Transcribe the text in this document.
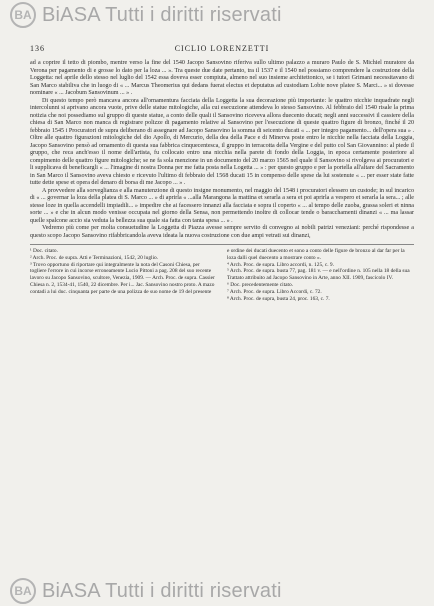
BA BiASA Tutti i diritti riservati
136	CICLIO LORENZETTI

ad a coprire il tetto di piombo, mentre verso la fine del 1540 Jacopo Sansovino riferiva sullo ultimo palazzo a muraro Paulo de S. Michiel muratore da Verona per pagamento di e grosse lo dato per la loza ... ». Tra queste due date pertanto, tra il 1537 e il 1540 nel possiamo comprendere la costruzione della Loggetta: nel aprile dello stesso nel luglio del 1542 essa doveva esser compiuta, almeno nel suo insieme architettonico, se i tutori Grimani necessitavano di San Marco stabiliva che in luogo di « ... Marcus Theomerius qui dedans fuerat electus et deputatus ad custodiam Lobie nove platee S. Marci... » si dovesse nominare « ... Jacobum Sansovinum ... » .

Di questo tempo però mancava ancora all'ornamentura facciata della Loggetta la sua decorazione più importante: le quattro nicchie inquadrate negli intercolunni si aprivano ancora vuote, prive delle statue mitologiche, alla cui esecuzione attendeva lo stesso Sansovino. Al febbraio del 1540 risale la prima notizia che noi possediamo sul gruppo di queste statue, a conto delle quali il Sansovino riceveva allora duecento ducati; negli anni successivi il cassiere della chiesa di San Marco non manca di registrare polizze di pagamento relative al Sansovino per l'esecuzione di queste quattro figure di bronzo, finché il 20 febbraio 1545 i Procuratori de supra deliberano di assegnare ad Jacopo Sansovino la somma di seicento ducati « ... per integro pagamento... dell'opera sua » . Oltre alle quattro figurazioni mitologiche del dio Apollo, di Mercurio, della dea della Pace e di Minerva poste entro le nicchie nella facciata della Loggia, Jacopo Sansovino pensò ad ornamento di questa sua fabbrica cinquecentesca, il gruppo in terracotta della Vergine e del putto col San Giovannino: al piede il gruppo, che reca anch'esso il nome dell'artista, fu collocato entro una nicchia nella parete di fondo della Loggia, in epoca certamente posteriore al compimento delle quattro figure mitologiche; se ne fa sola menzione in un documento del 20 marzo 1565 nel quale il Sansovino si rivolgeva ai procuratori e li supplicava di beneficargli « ... l'imagine di nostra Donna per me fatta posta nella Logetta ... » : per questo gruppo e per la portella all'altare del Sacramento in San Marco il Sansovino aveva chiesto e ricevuto l'ultimo di febbraio del 1568 ducati 15 in compenso delle spese da lui sostenute « ... per esser state fatte tutte dette spese et opera del denaro di borsa di me Jacopo ... » .

A provvedere alla sorveglianza e alla manutenzione di questo insigne monumento, nel maggio del 1548 i procuratori elessero un custode; in sul incarico di « ... governar la loza della platea di S. Marco ... » di aprirla « ...alla Marangona la mattina et serarla a sera et poi aprirla a vespero et serarla la sera... ; alle stesse loze in quella accendelli impiadili... » impedire che ai facessero innanzi alla facciata e sopra il coperto « ... al tempo delle zuoba, grassa soleri et ninna sorte ... » e che in alcun modo venisse occupata nel giorno della Sensa, non permettendo inoltre di collocar tende o baracchamenti dinanzi « ... ma lassar quelle spalcone accio sia veduta la bellezza sua quale sia fatta con tanta spesa ... » .

Vedremo più come per molta consuetudine la Loggetta di Piazza avesse sempre servito di convegno ai nobili patrizi veneziani: perché rispondesse a questo scopo Jacopo Sansovino rifabbricandola aveva ideata la nuova costruzione con due ampi vetrati sui dinanzi,

¹ Doc. citato.

² Arch. Proc. de supra. Atti e Terminazioni, 1542, 20 luglio.

³ Trovo opportuno di riportare qui integralmente la nota del Casoni Chiesa, per togliere l'errore in cui incorse erroneamente Lucio Pittoni a pag. 208 del suo recente lavoro su Jacopo Sansovino, scultore, Venezia, 1909. — Arch. Proc. de supra. Cassier Chiesa n. 2, 1534-41, 1540, 22 dicembre. Per i... Jac. Sansovino nostro proto. A mazo contadi a lui duc. cinquanta per parte de una polizza de suo nome de 19 del presente

e ordine dei ducati duecento et sono a conto delle figure de bronzo al dar far per la loza dalli quel duecento a mostrare conto ».

⁴ Arch. Proc. de supra. Libro accordi, n. 125, c. 9.

⁵ Arch. Proc. de supra. busta 77, pag. 181 v. — e nell'ordine n. 105 nella 18 della sua Trattato attribuito ad Jacopo Sansovino in Arte, anno XII. 1909, fascicolo IV.

⁶ Doc. precedentemente citato.

⁷ Arch. Proc. de supra. Libro Accordi, c. 72.

⁸ Arch. Proc. de supra, busta 24, proc. 163, c. 7.

BA BiASA Tutti i diritti riservati
